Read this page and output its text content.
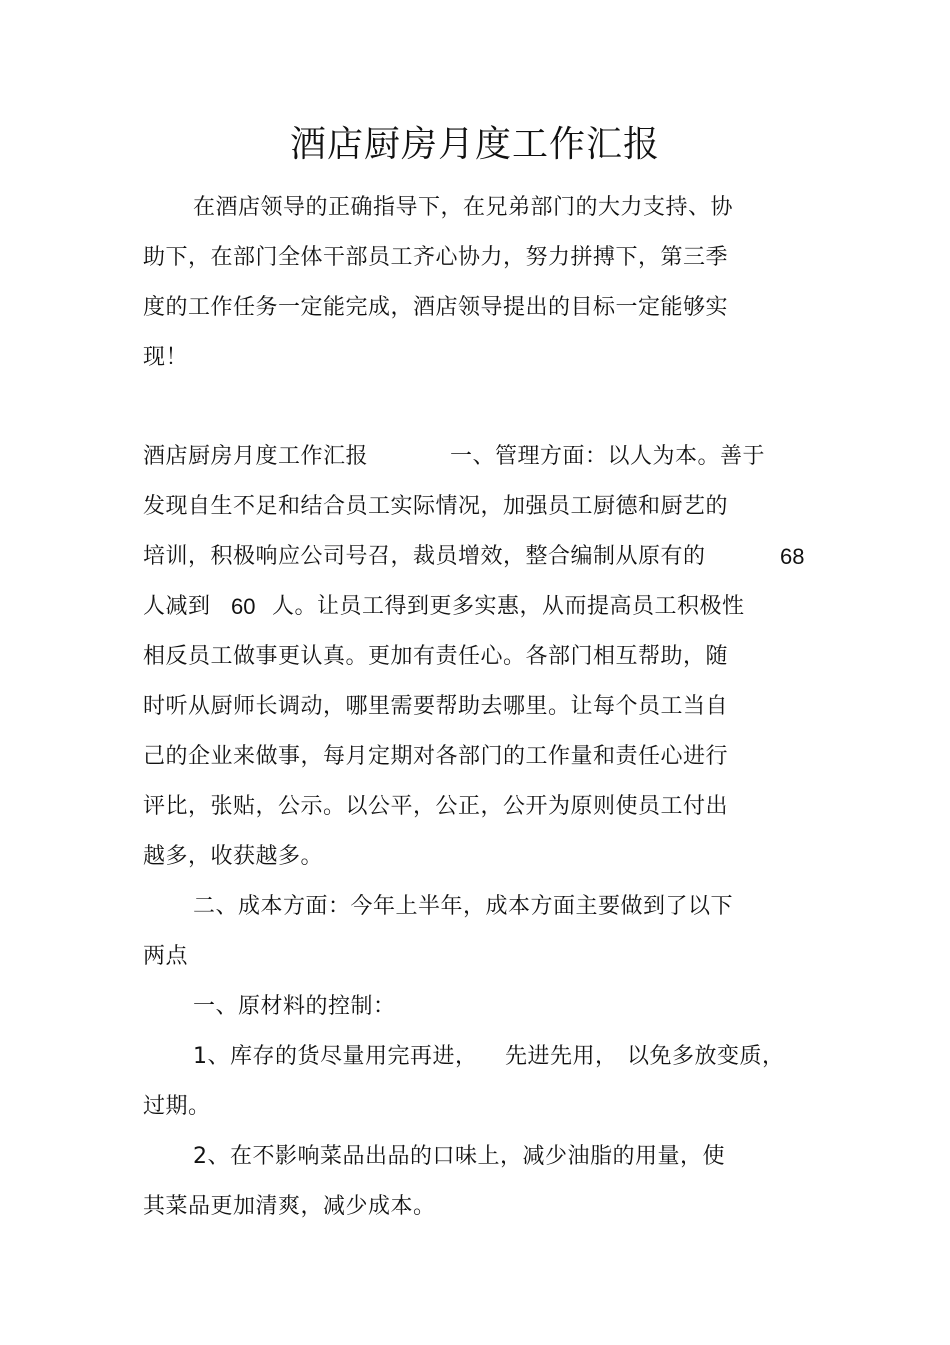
酒店厨房月度工作汇报
在酒店领导的正确指导下，在兄弟部门的大力支持、协
助下，在部门全体干部员工齐心协力，努力拼搏下，第三季
度的工作任务一定能完成，酒店领导提出的目标一定能够实
现！
酒店厨房月度工作汇报	一、管理方面：以人为本。善于
发现自生不足和结合员工实际情况，加强员工厨德和厨艺的
培训，积极响应公司号召，裁员增效，整合编制从原有的	68
人减到 60 人。让员工得到更多实惠，从而提高员工积极性
相反员工做事更认真。更加有责任心。各部门相互帮助，随
时听从厨师长调动，哪里需要帮助去哪里。让每个员工当自
己的企业来做事，每月定期对各部门的工作量和责任心进行
评比，张贴，公示。以公平，公正，公开为原则使员工付出
越多，收获越多。
二、成本方面：今年上半年，成本方面主要做到了以下
两点
一、原材料的控制：
1、库存的货尽量用完再进， 先进先用， 以免多放变质，
过期。
2、在不影响菜品出品的口味上，减少油脂的用量，使
其菜品更加清爽，减少成本。
